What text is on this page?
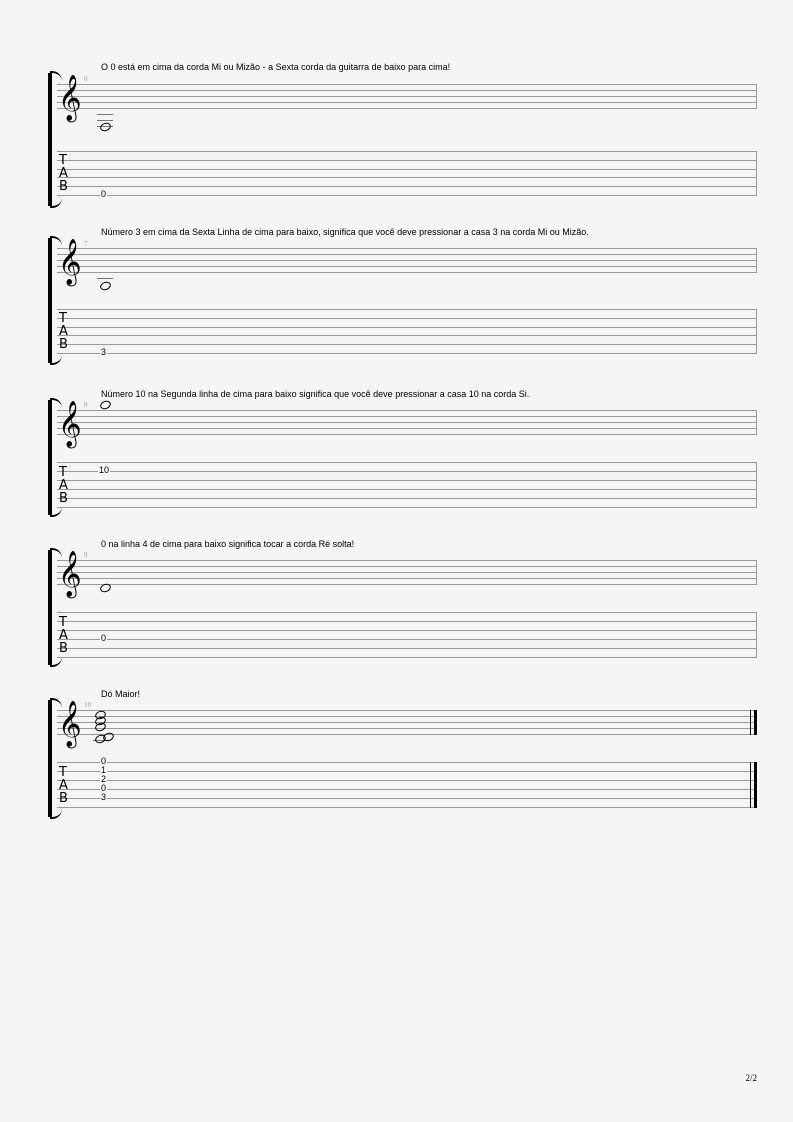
O 0 está em cima da corda Mi ou Mizão - a Sexta corda da guitarra de baixo para cima!
6
𝄞
T
A
B	0
Número 3 em cima da Sexta Linha de cima para baixo, significa que você deve pressionar a casa 3 na corda Mi ou Mizão.
7
𝄞
T
A
B	3
Número 10 na Segunda linha de cima para baixo significa que você deve pressionar a casa 10 na corda Si.
8
𝄞
T
A
B
10
0 na linha 4 de cima para baixo significa tocar a corda Ré solta!
9
𝄞
T
A
B
0
Dó Maior!
10
𝄞
T
A
B
0
1
2
0
3
2/2
